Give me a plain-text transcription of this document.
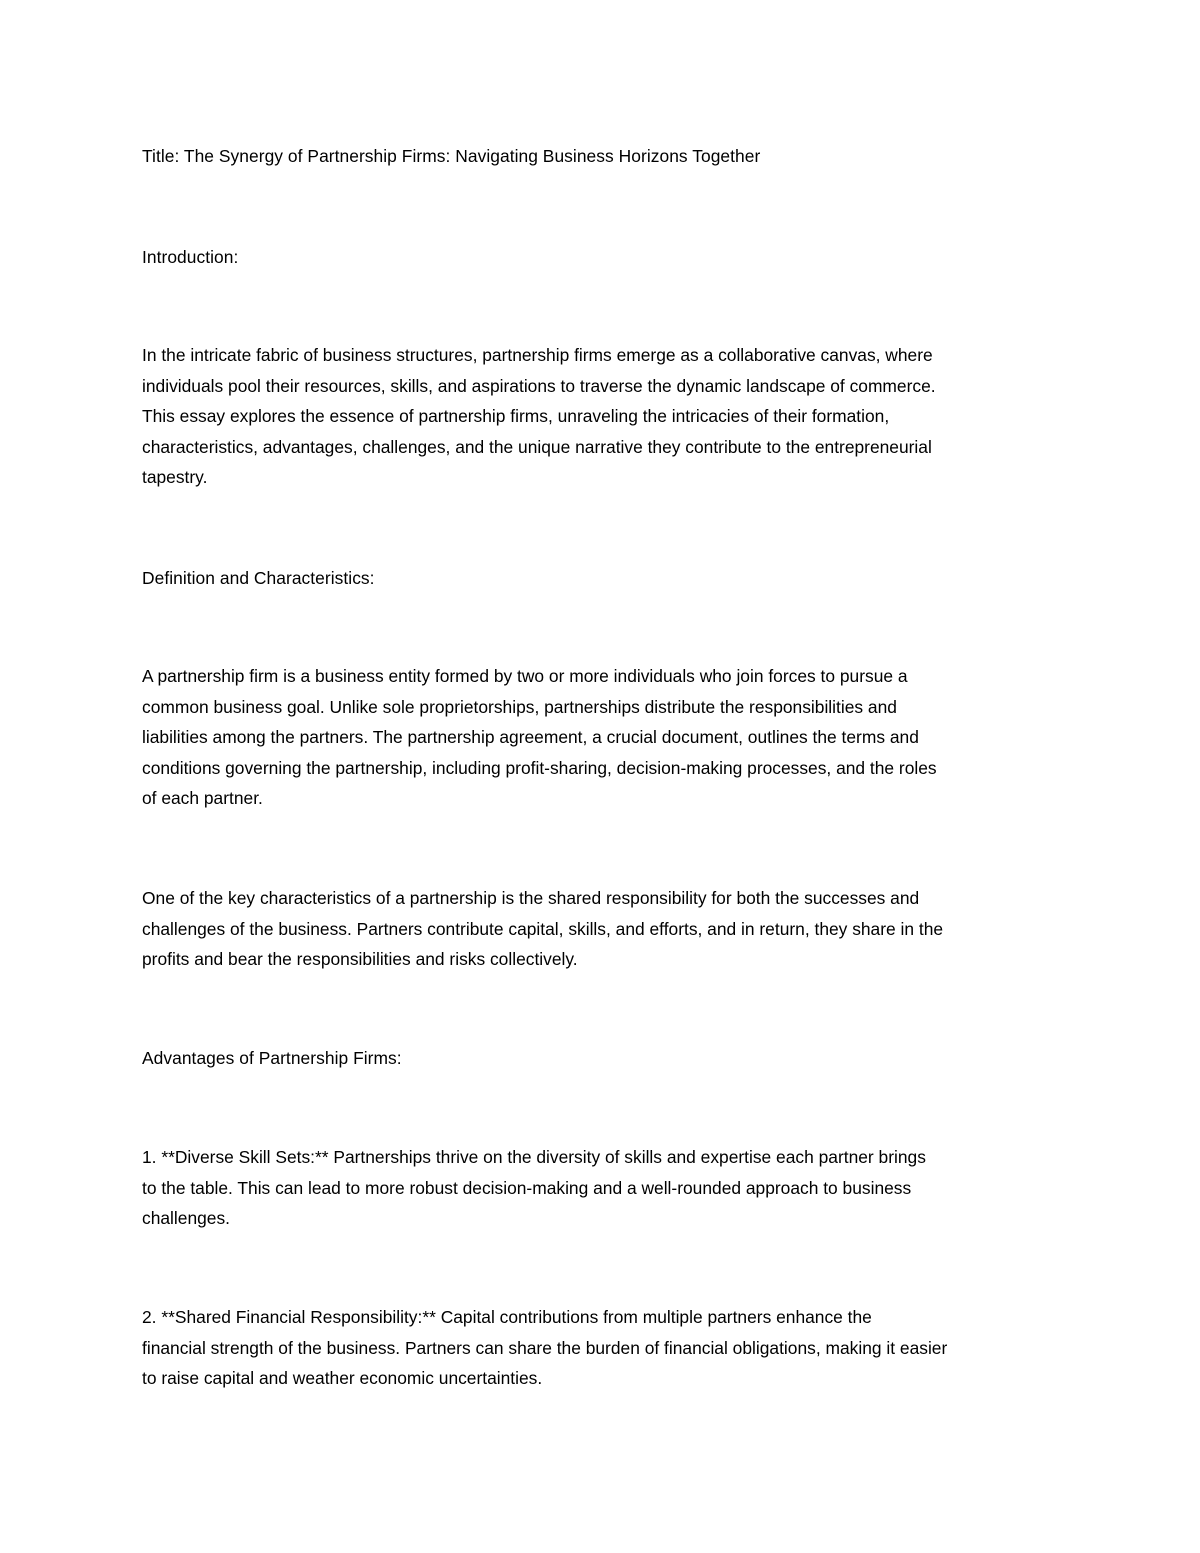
Title: The Synergy of Partnership Firms: Navigating Business Horizons Together

Introduction:

In the intricate fabric of business structures, partnership firms emerge as a collaborative canvas, where
individuals pool their resources, skills, and aspirations to traverse the dynamic landscape of commerce.
This essay explores the essence of partnership firms, unraveling the intricacies of their formation,
characteristics, advantages, challenges, and the unique narrative they contribute to the entrepreneurial
tapestry.

Definition and Characteristics:

A partnership firm is a business entity formed by two or more individuals who join forces to pursue a
common business goal. Unlike sole proprietorships, partnerships distribute the responsibilities and
liabilities among the partners. The partnership agreement, a crucial document, outlines the terms and
conditions governing the partnership, including profit-sharing, decision-making processes, and the roles
of each partner.
One of the key characteristics of a partnership is the shared responsibility for both the successes and
challenges of the business. Partners contribute capital, skills, and efforts, and in return, they share in the
profits and bear the responsibilities and risks collectively.

Advantages of Partnership Firms:

1. **Diverse Skill Sets:** Partnerships thrive on the diversity of skills and expertise each partner brings
to the table. This can lead to more robust decision-making and a well-rounded approach to business
challenges.
2. **Shared Financial Responsibility:** Capital contributions from multiple partners enhance the
financial strength of the business. Partners can share the burden of financial obligations, making it easier
to raise capital and weather economic uncertainties.
